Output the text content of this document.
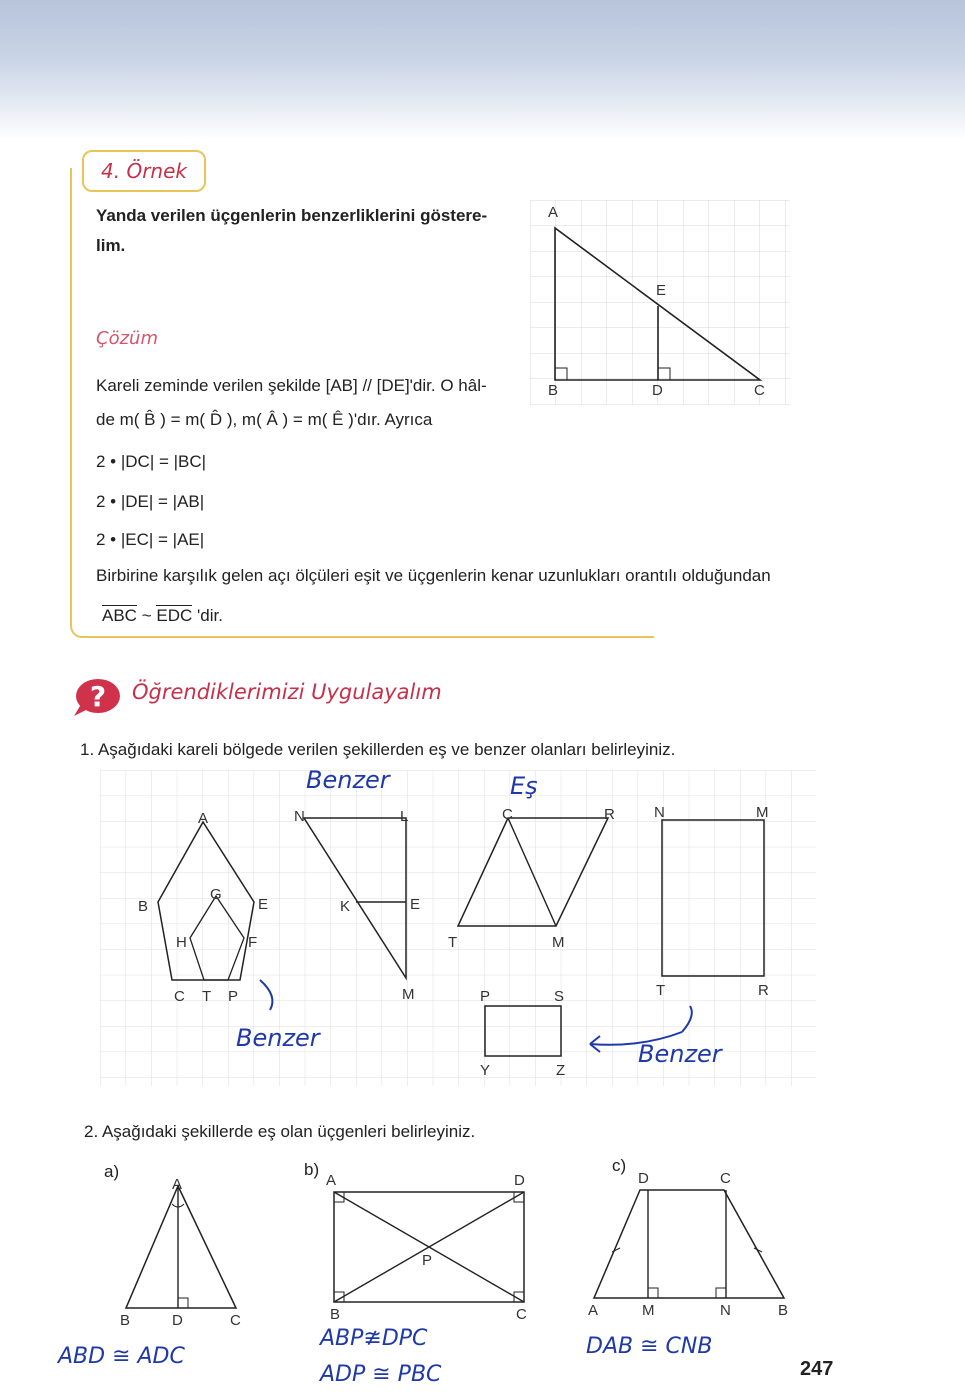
4. Örnek
Yanda verilen üçgenlerin benzerliklerini göstere-
lim.
Çözüm
Kareli zeminde verilen şekilde [AB] // [DE]'dir. O hâl-
de m( B̂ ) = m( D̂ ), m( Â ) = m( Ê )'dır. Ayrıca
2 • |DC| = |BC|
2 • |DE| = |AB|
2 • |EC| = |AE|
Birbirine karşılık gelen açı ölçüleri eşit ve üçgenlerin kenar uzunlukları orantılı olduğundan
ABC ~ EDC 'dir.
A
E
B	D	C
? Öğrendiklerimizi Uygulayalım
1. Aşağıdaki kareli bölgede verilen şekillerden eş ve benzer olanları belirleyiniz.
A
B
G
E
H	F
C T P
N	L
K	E
M
C	R
T	M
N	M
T	R
P	S
Y	Z
Benzer	Eş
Benzer
Benzer
2. Aşağıdaki şekillerde eş olan üçgenleri belirleyiniz.
a)	b)	c)
A
B	D	C
A	D
B	C
P
D	C
A	M	N	B
ABD ≅ ADC
ABP≇DPC
ADP ≅ PBC
DAB ≅ CNB
247
